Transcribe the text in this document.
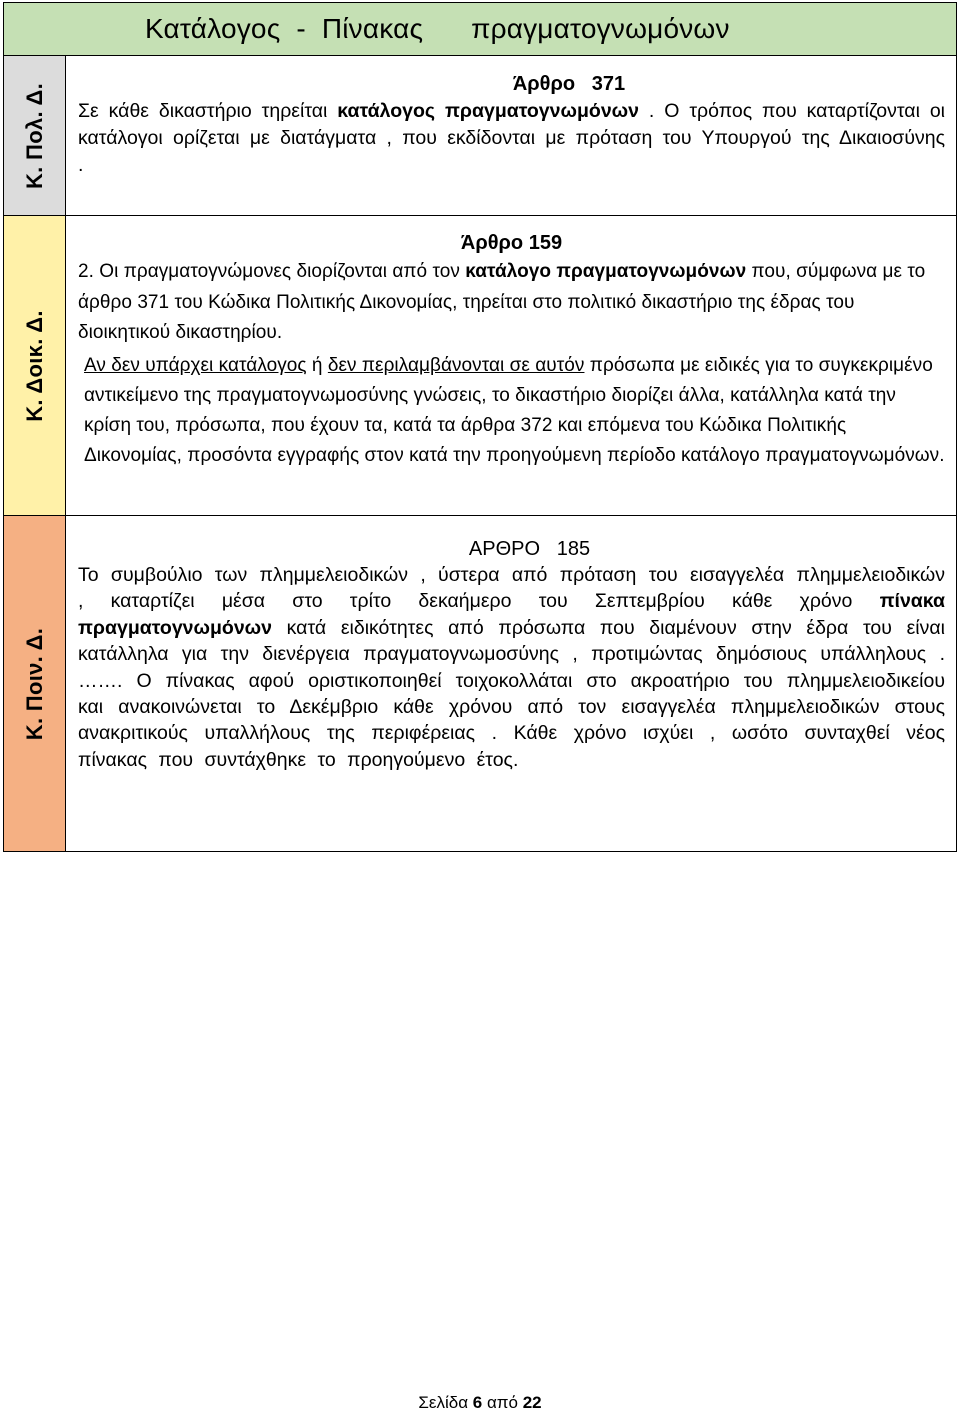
Κατάλογος  -  Πίνακας      πραγματογνωμόνων
Κ. Πολ. Δ.	Άρθρο   371
Σε κάθε δικαστήριο τηρείται κατάλογος πραγματογνωμόνων . Ο τρόπος που καταρτίζονται οι κατάλογοι ορίζεται με διατάγματα , που εκδίδονται με πρόταση του Υπουργού της Δικαιοσύνης .
Κ. Δοικ. Δ.
Άρθρο 159
2. Οι πραγματογνώμονες διορίζονται από τον κατάλογο πραγματογνωμόνων που, σύμφωνα με το άρθρο 371 του Κώδικα Πολιτικής Δικονομίας, τηρείται στο πολιτικό δικαστήριο της έδρας του διοικητικού δικαστηρίου.
Αν δεν υπάρχει κατάλογος ή δεν περιλαμβάνονται σε αυτόν πρόσωπα με ειδικές για το συγκεκριμένο αντικείμενο της πραγματογνωμοσύνης γνώσεις, το δικαστήριο διορίζει άλλα, κατάλληλα κατά την κρίση του, πρόσωπα, που έχουν τα, κατά τα άρθρα 372 και επόμενα του Κώδικα Πολιτικής Δικονομίας, προσόντα εγγραφής στον κατά την προηγούμενη περίοδο κατάλογο πραγματογνωμόνων.
Κ. Ποιν. Δ.
ΑΡΘΡΟ   185
Το συμβούλιο των πλημμελειοδικών , ύστερα από πρόταση του εισαγγελέα πλημμελειοδικών , καταρτίζει μέσα στο τρίτο δεκαήμερο του Σεπτεμβρίου κάθε χρόνο πίνακα πραγματογνωμόνων κατά ειδικότητες από πρόσωπα που διαμένουν στην έδρα του είναι κατάλληλα για την διενέργεια πραγματογνωμοσύνης , προτιμώντας δημόσιους υπάλληλους . ……. Ο πίνακας αφού οριστικοποιηθεί τοιχοκολλάται στο ακροατήριο του πλημμελειοδικείου και ανακοινώνεται το Δεκέμβριο κάθε χρόνου από τον εισαγγελέα πλημμελειοδικών στους ανακριτικούς υπαλλήλους της περιφέρειας . Κάθε χρόνο ισχύει , ωσότο συνταχθεί νέος πίνακας που συντάχθηκε το προηγούμενο έτος.
Σελίδα 6 από 22
